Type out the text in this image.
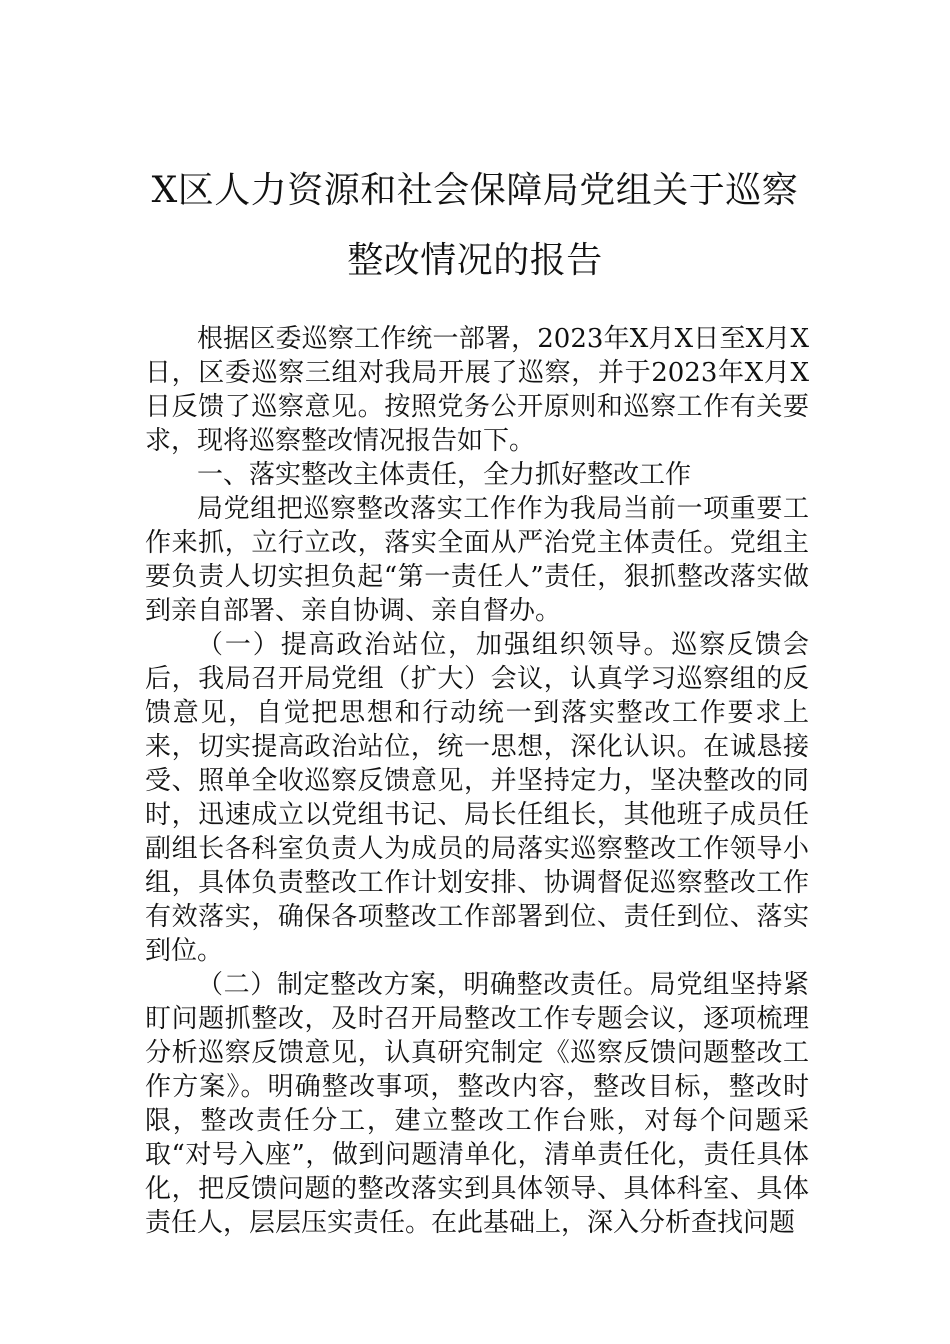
X区人力资源和社会保障局党组关于巡察
整改情况的报告

根据区委巡察工作统一部署，2023年X月X日至X月X日，区委巡察三组对我局开展了巡察，并于2023年X月X日反馈了巡察意见。按照党务公开原则和巡察工作有关要求，现将巡察整改情况报告如下。

一、落实整改主体责任，全力抓好整改工作

局党组把巡察整改落实工作作为我局当前一项重要工作来抓，立行立改，落实全面从严治党主体责任。党组主要负责人切实担负起“第一责任人”责任，狠抓整改落实做到亲自部署、亲自协调、亲自督办。

（一）提高政治站位，加强组织领导。巡察反馈会后，我局召开局党组（扩大）会议，认真学习巡察组的反馈意见，自觉把思想和行动统一到落实整改工作要求上来，切实提高政治站位，统一思想，深化认识。在诚恳接受、照单全收巡察反馈意见，并坚持定力，坚决整改的同时，迅速成立以党组书记、局长任组长，其他班子成员任副组长各科室负责人为成员的局落实巡察整改工作领导小组，具体负责整改工作计划安排、协调督促巡察整改工作有效落实，确保各项整改工作部署到位、责任到位、落实到位。

（二）制定整改方案，明确整改责任。局党组坚持紧盯问题抓整改，及时召开局整改工作专题会议，逐项梳理分析巡察反馈意见，认真研究制定《巡察反馈问题整改工作方案》。明确整改事项，整改内容，整改目标，整改时限，整改责任分工，建立整改工作台账，对每个问题采取“对号入座”，做到问题清单化，清单责任化，责任具体化，把反馈问题的整改落实到具体领导、具体科室、具体责任人，层层压实责任。在此基础上，深入分析查找问题
